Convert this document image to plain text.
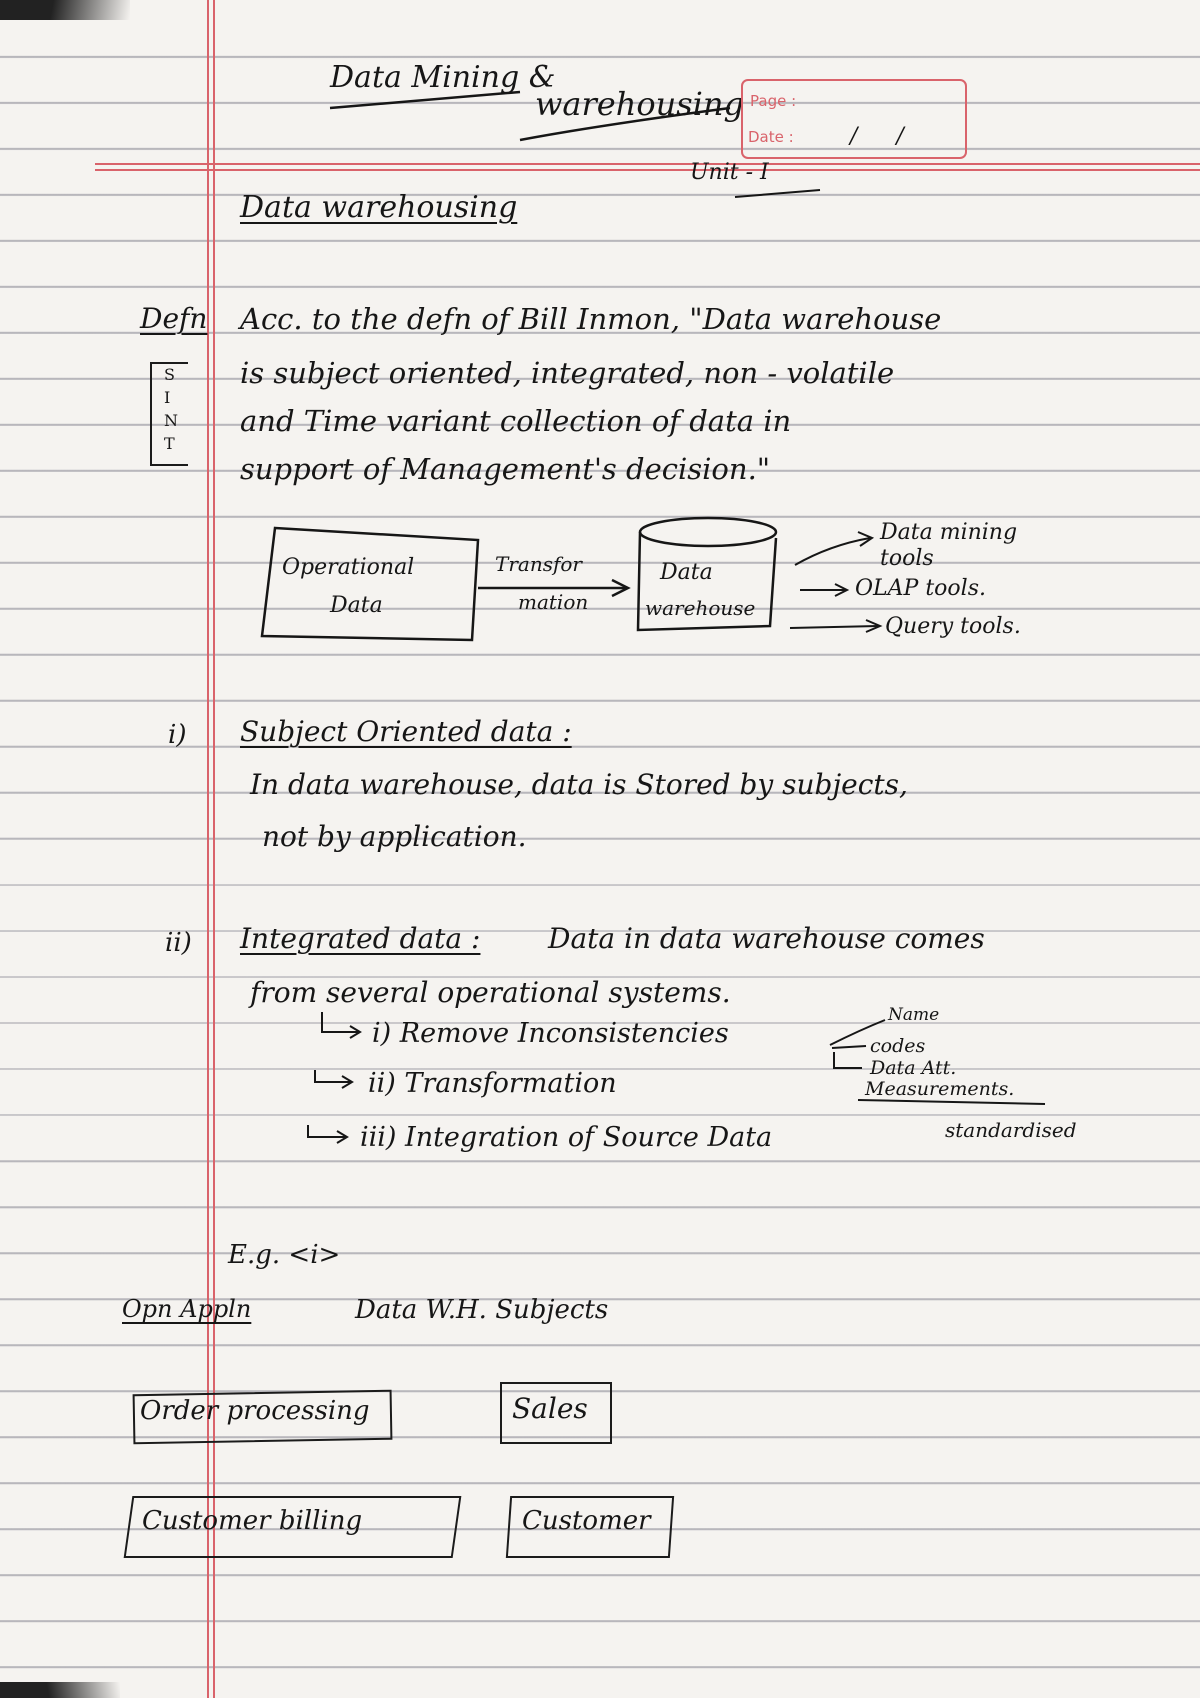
Data Mining &
warehousing Page :
Date :	/ /
Unit - I
Data warehousing
Defn
S
I
N
T
Acc. to the defn of Bill Inmon, "Data warehouse
is subject oriented, integrated, non - volatile
and Time variant collection of data in
support of Management's decision."
Operational
Data
Transfor
mation
Data
warehouse
Data mining tools
OLAP tools.
Query tools.
i) Subject Oriented data :
In data warehouse, data is Stored by subjects,
not by application.
ii) Integrated data : Data in data warehouse comes
from several operational systems.
i) Remove Inconsistencies
ii) Transformation
iii) Integration of Source Data
Name
codes
Data Att.
Measurements.
standardised
E.g. <i>
Opn Appln	Data W.H. Subjects
Order processing	Sales
Customer billing	Customer
